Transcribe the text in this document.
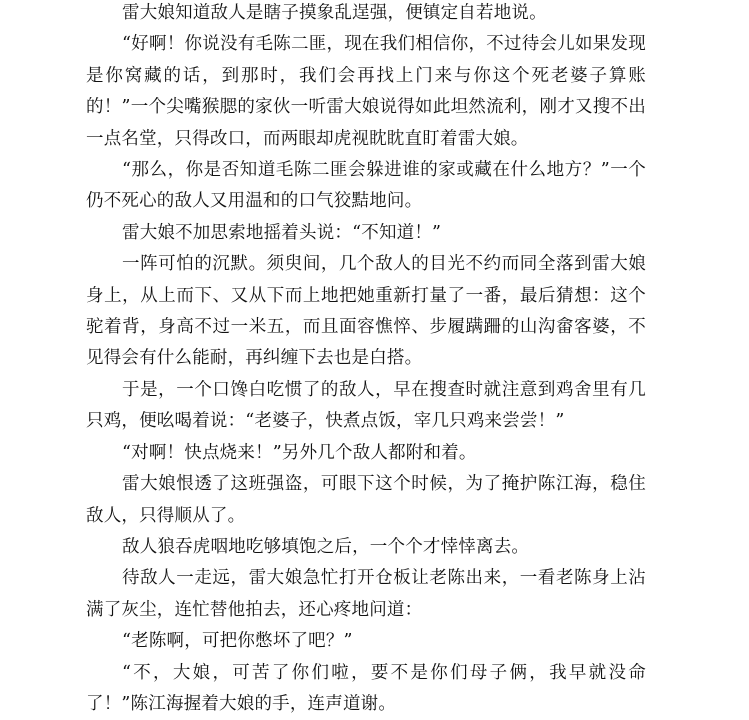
雷大娘知道敌人是瞎子摸象乱逞强，便镇定自若地说。

“好啊！你说没有毛陈二匪，现在我们相信你，不过待会儿如果发现是你窝藏的话，到那时，我们会再找上门来与你这个死老婆子算账的！”一个尖嘴猴腮的家伙一听雷大娘说得如此坦然流利，刚才又搜不出一点名堂，只得改口，而两眼却虎视眈眈直盯着雷大娘。

“那么，你是否知道毛陈二匪会躲进谁的家或藏在什么地方？”一个仍不死心的敌人又用温和的口气狡黠地问。

雷大娘不加思索地摇着头说：“不知道！”

一阵可怕的沉默。须臾间，几个敌人的目光不约而同全落到雷大娘身上，从上而下、又从下而上地把她重新打量了一番，最后猜想：这个驼着背，身高不过一米五，而且面容憔悴、步履蹒跚的山沟畲客婆，不见得会有什么能耐，再纠缠下去也是白搭。

于是，一个口馋白吃惯了的敌人，早在搜查时就注意到鸡舍里有几只鸡，便吆喝着说：“老婆子，快煮点饭，宰几只鸡来尝尝！”

“对啊！快点烧来！”另外几个敌人都附和着。

雷大娘恨透了这班强盗，可眼下这个时候，为了掩护陈江海，稳住敌人，只得顺从了。

敌人狼吞虎咽地吃够填饱之后，一个个才悻悻离去。

待敌人一走远，雷大娘急忙打开仓板让老陈出来，一看老陈身上沾满了灰尘，连忙替他拍去，还心疼地问道：

“老陈啊，可把你憋坏了吧？”

“不，大娘，可苦了你们啦，要不是你们母子俩，我早就没命了！”陈江海握着大娘的手，连声道谢。
